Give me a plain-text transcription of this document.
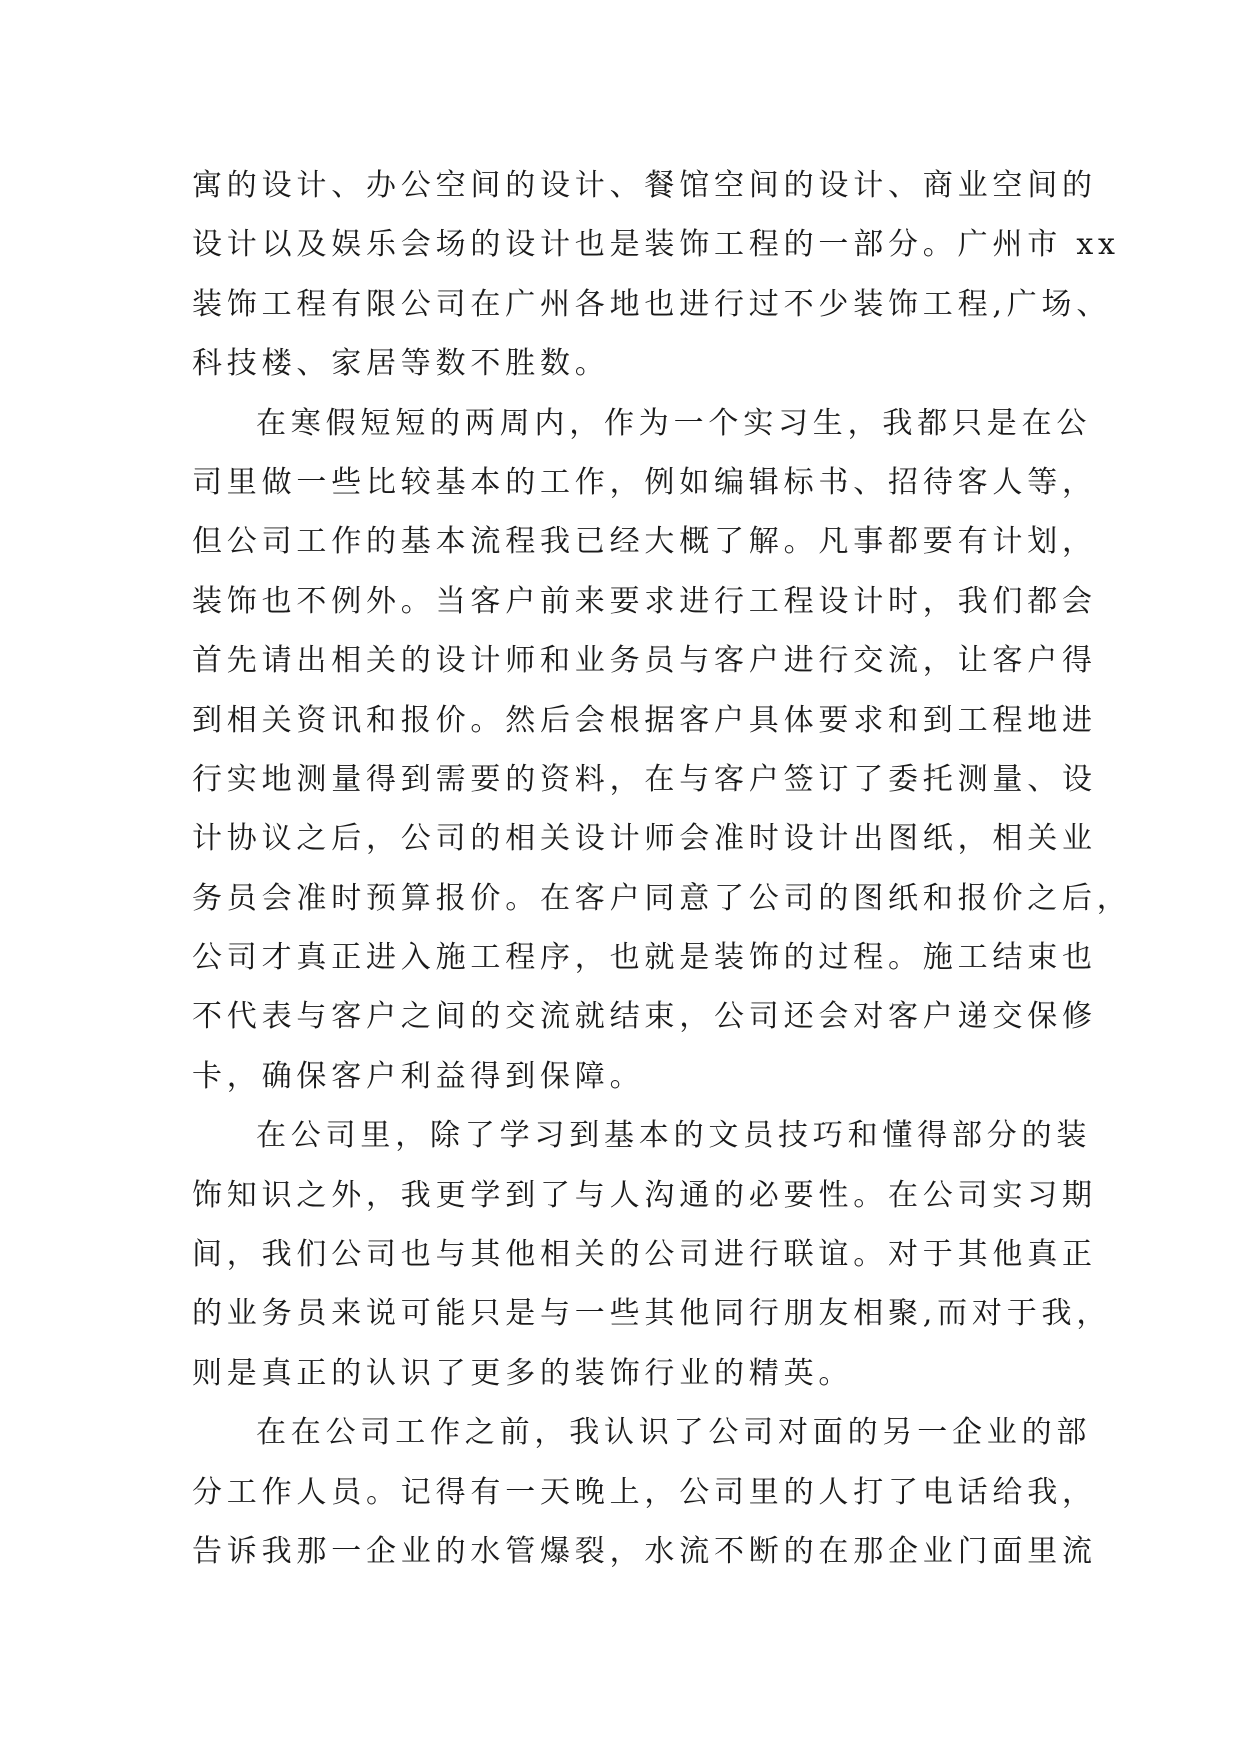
寓的设计、办公空间的设计、餐馆空间的设计、商业空间的
设计以及娱乐会场的设计也是装饰工程的一部分。广州市 xx
装饰工程有限公司在广州各地也进行过不少装饰工程,广场、
科技楼、家居等数不胜数。
在寒假短短的两周内，作为一个实习生，我都只是在公
司里做一些比较基本的工作，例如编辑标书、招待客人等，
但公司工作的基本流程我已经大概了解。凡事都要有计划，
装饰也不例外。当客户前来要求进行工程设计时，我们都会
首先请出相关的设计师和业务员与客户进行交流，让客户得
到相关资讯和报价。然后会根据客户具体要求和到工程地进
行实地测量得到需要的资料，在与客户签订了委托测量、设
计协议之后，公司的相关设计师会准时设计出图纸，相关业
务员会准时预算报价。在客户同意了公司的图纸和报价之后，
公司才真正进入施工程序，也就是装饰的过程。施工结束也
不代表与客户之间的交流就结束，公司还会对客户递交保修
卡，确保客户利益得到保障。
在公司里，除了学习到基本的文员技巧和懂得部分的装
饰知识之外，我更学到了与人沟通的必要性。在公司实习期
间，我们公司也与其他相关的公司进行联谊。对于其他真正
的业务员来说可能只是与一些其他同行朋友相聚,而对于我，
则是真正的认识了更多的装饰行业的精英。
在在公司工作之前，我认识了公司对面的另一企业的部
分工作人员。记得有一天晚上，公司里的人打了电话给我，
告诉我那一企业的水管爆裂，水流不断的在那企业门面里流
